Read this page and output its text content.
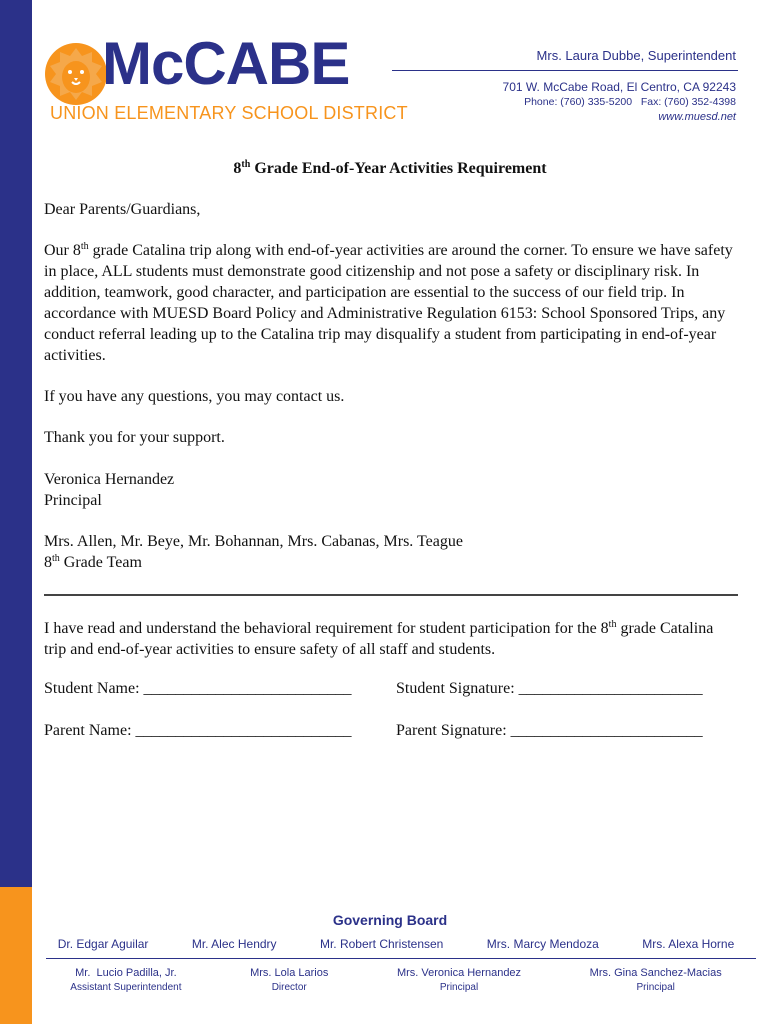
McCABE
UNION ELEMENTARY SCHOOL DISTRICT
Mrs. Laura Dubbe, Superintendent
701 W. McCabe Road, El Centro, CA 92243
Phone: (760) 335-5200   Fax: (760) 352-4398
www.muesd.net
8th Grade End-of-Year Activities Requirement
Dear Parents/Guardians,
Our 8th grade Catalina trip along with end-of-year activities are around the corner. To ensure we have safety in place, ALL students must demonstrate good citizenship and not pose a safety or disciplinary risk. In addition, teamwork, good character, and participation are essential to the success of our field trip. In accordance with MUESD Board Policy and Administrative Regulation 6153: School Sponsored Trips, any conduct referral leading up to the Catalina trip may disqualify a student from participating in end-of-year activities.
If you have any questions, you may contact us.
Thank you for your support.
Veronica Hernandez
Principal
Mrs. Allen, Mr. Beye, Mr. Bohannan, Mrs. Cabanas, Mrs. Teague
8th Grade Team
I have read and understand the behavioral requirement for student participation for the 8th grade Catalina trip and end-of-year activities to ensure safety of all staff and students.
Student Name: __________________________	Student Signature: _______________________
Parent Name: ___________________________	Parent Signature: ________________________
Governing Board
Dr. Edgar Aguilar	Mr. Alec Hendry	Mr. Robert Christensen	Mrs. Marcy Mendoza	Mrs. Alexa Horne
Mr.  Lucio Padilla, Jr.
Assistant Superintendent
Mrs. Lola Larios
Director
Mrs. Veronica Hernandez
Principal
Mrs. Gina Sanchez-Macias
Principal
